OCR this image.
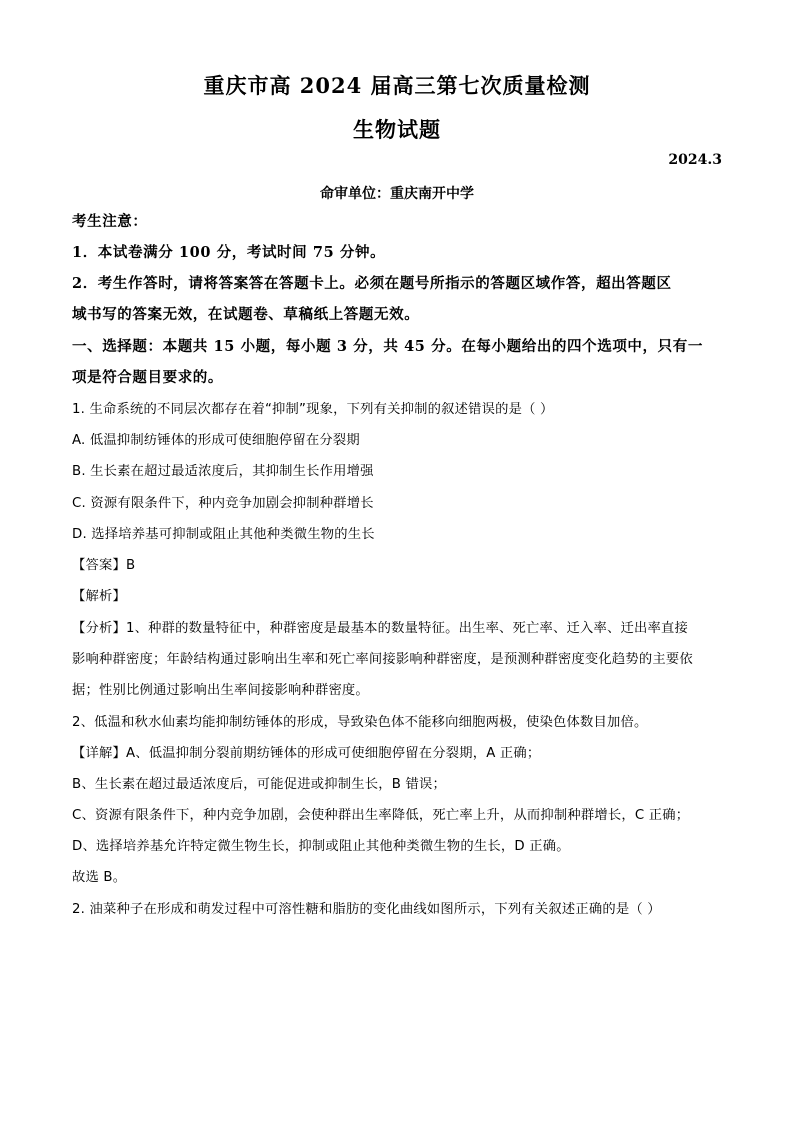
重庆市高 2024 届高三第七次质量检测
生物试题
2024.3
命审单位：重庆南开中学
考生注意：
1．本试卷满分 100 分，考试时间 75 分钟。
2．考生作答时，请将答案答在答题卡上。必须在题号所指示的答题区域作答，超出答题区
域书写的答案无效，在试题卷、草稿纸上答题无效。
一、选择题：本题共 15 小题，每小题 3 分，共 45 分。在每小题给出的四个选项中，只有一
项是符合题目要求的。
1. 生命系统的不同层次都存在着“抑制”现象，下列有关抑制的叙述错误的是（ ）
A. 低温抑制纺锤体的形成可使细胞停留在分裂期
B. 生长素在超过最适浓度后，其抑制生长作用增强
C. 资源有限条件下，种内竞争加剧会抑制种群增长
D. 选择培养基可抑制或阻止其他种类微生物的生长
【答案】B
【解析】
【分析】1、种群的数量特征中，种群密度是最基本的数量特征。出生率、死亡率、迁入率、迁出率直接
影响种群密度；年龄结构通过影响出生率和死亡率间接影响种群密度，是预测种群密度变化趋势的主要依
据；性别比例通过影响出生率间接影响种群密度。
2、低温和秋水仙素均能抑制纺锤体的形成，导致染色体不能移向细胞两极，使染色体数目加倍。
【详解】A、低温抑制分裂前期纺锤体的形成可使细胞停留在分裂期，A 正确；
B、生长素在超过最适浓度后，可能促进或抑制生长，B 错误；
C、资源有限条件下，种内竞争加剧，会使种群出生率降低，死亡率上升，从而抑制种群增长，C 正确；
D、选择培养基允许特定微生物生长，抑制或阻止其他种类微生物的生长，D 正确。
故选 B。
2. 油菜种子在形成和萌发过程中可溶性糖和脂肪的变化曲线如图所示，下列有关叙述正确的是（ ）
